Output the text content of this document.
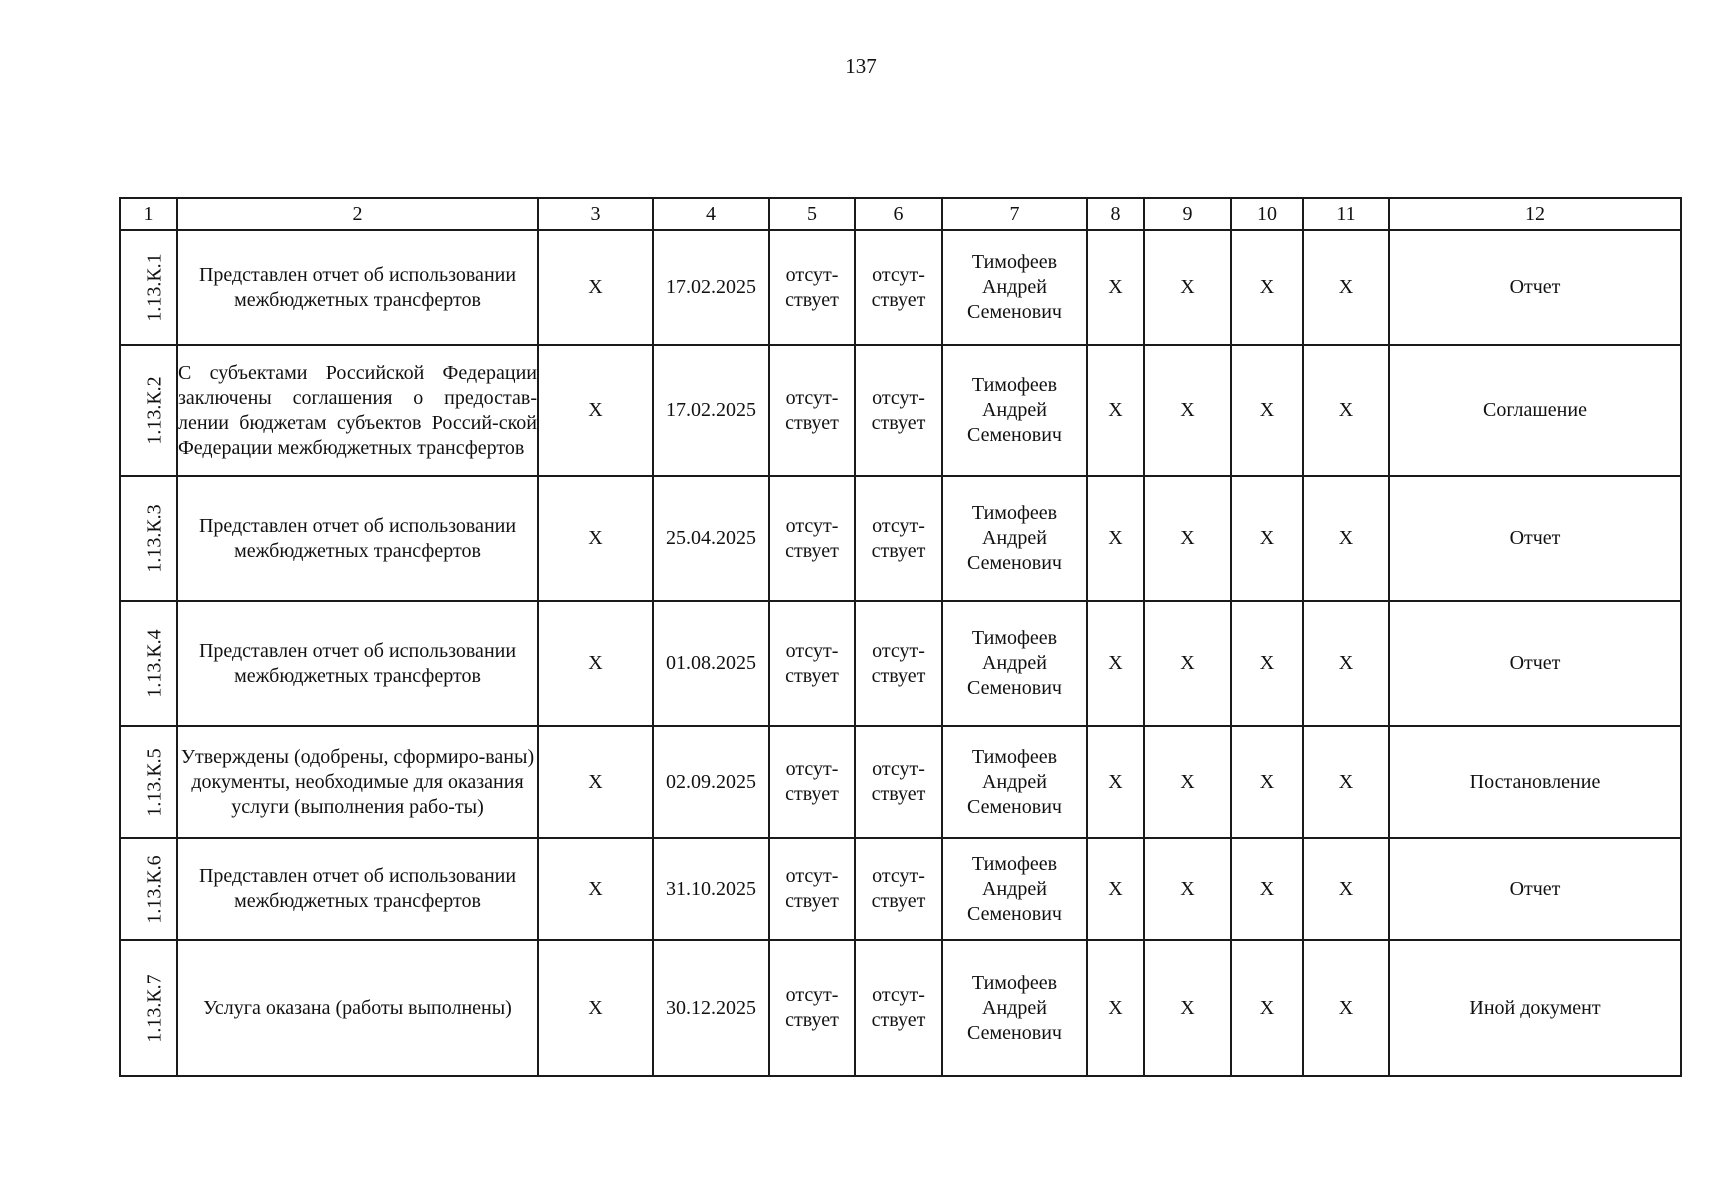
137
1	2	3	4	5	6	7	8	9	10	11	12
1.13.К.1	Представлен отчет об использовании межбюджетных трансфертов	X	17.02.2025	отсут-ствует	отсут-ствует	Тимофеев Андрей Семенович	X	X	X	X	Отчет
1.13.К.2	С субъектами Российской Федерации заключены соглашения о предостав-лении бюджетам субъектов Россий-ской Федерации межбюджетных трансфертов	X	17.02.2025	отсут-ствует	отсут-ствует	Тимофеев Андрей Семенович	X	X	X	X	Соглашение
1.13.К.3	Представлен отчет об использовании межбюджетных трансфертов	X	25.04.2025	отсут-ствует	отсут-ствует	Тимофеев Андрей Семенович	X	X	X	X	Отчет
1.13.К.4	Представлен отчет об использовании межбюджетных трансфертов	X	01.08.2025	отсут-ствует	отсут-ствует	Тимофеев Андрей Семенович	X	X	X	X	Отчет
1.13.К.5	Утверждены (одобрены, сформиро-ваны) документы, необходимые для оказания услуги (выполнения рабо-ты)	X	02.09.2025	отсут-ствует	отсут-ствует	Тимофеев Андрей Семенович	X	X	X	X	Постановление
1.13.К.6	Представлен отчет об использовании межбюджетных трансфертов	X	31.10.2025	отсут-ствует	отсут-ствует	Тимофеев Андрей Семенович	X	X	X	X	Отчет
1.13.К.7	Услуга оказана (работы выполнены)	X	30.12.2025	отсут-ствует	отсут-ствует	Тимофеев Андрей Семенович	X	X	X	X	Иной документ
